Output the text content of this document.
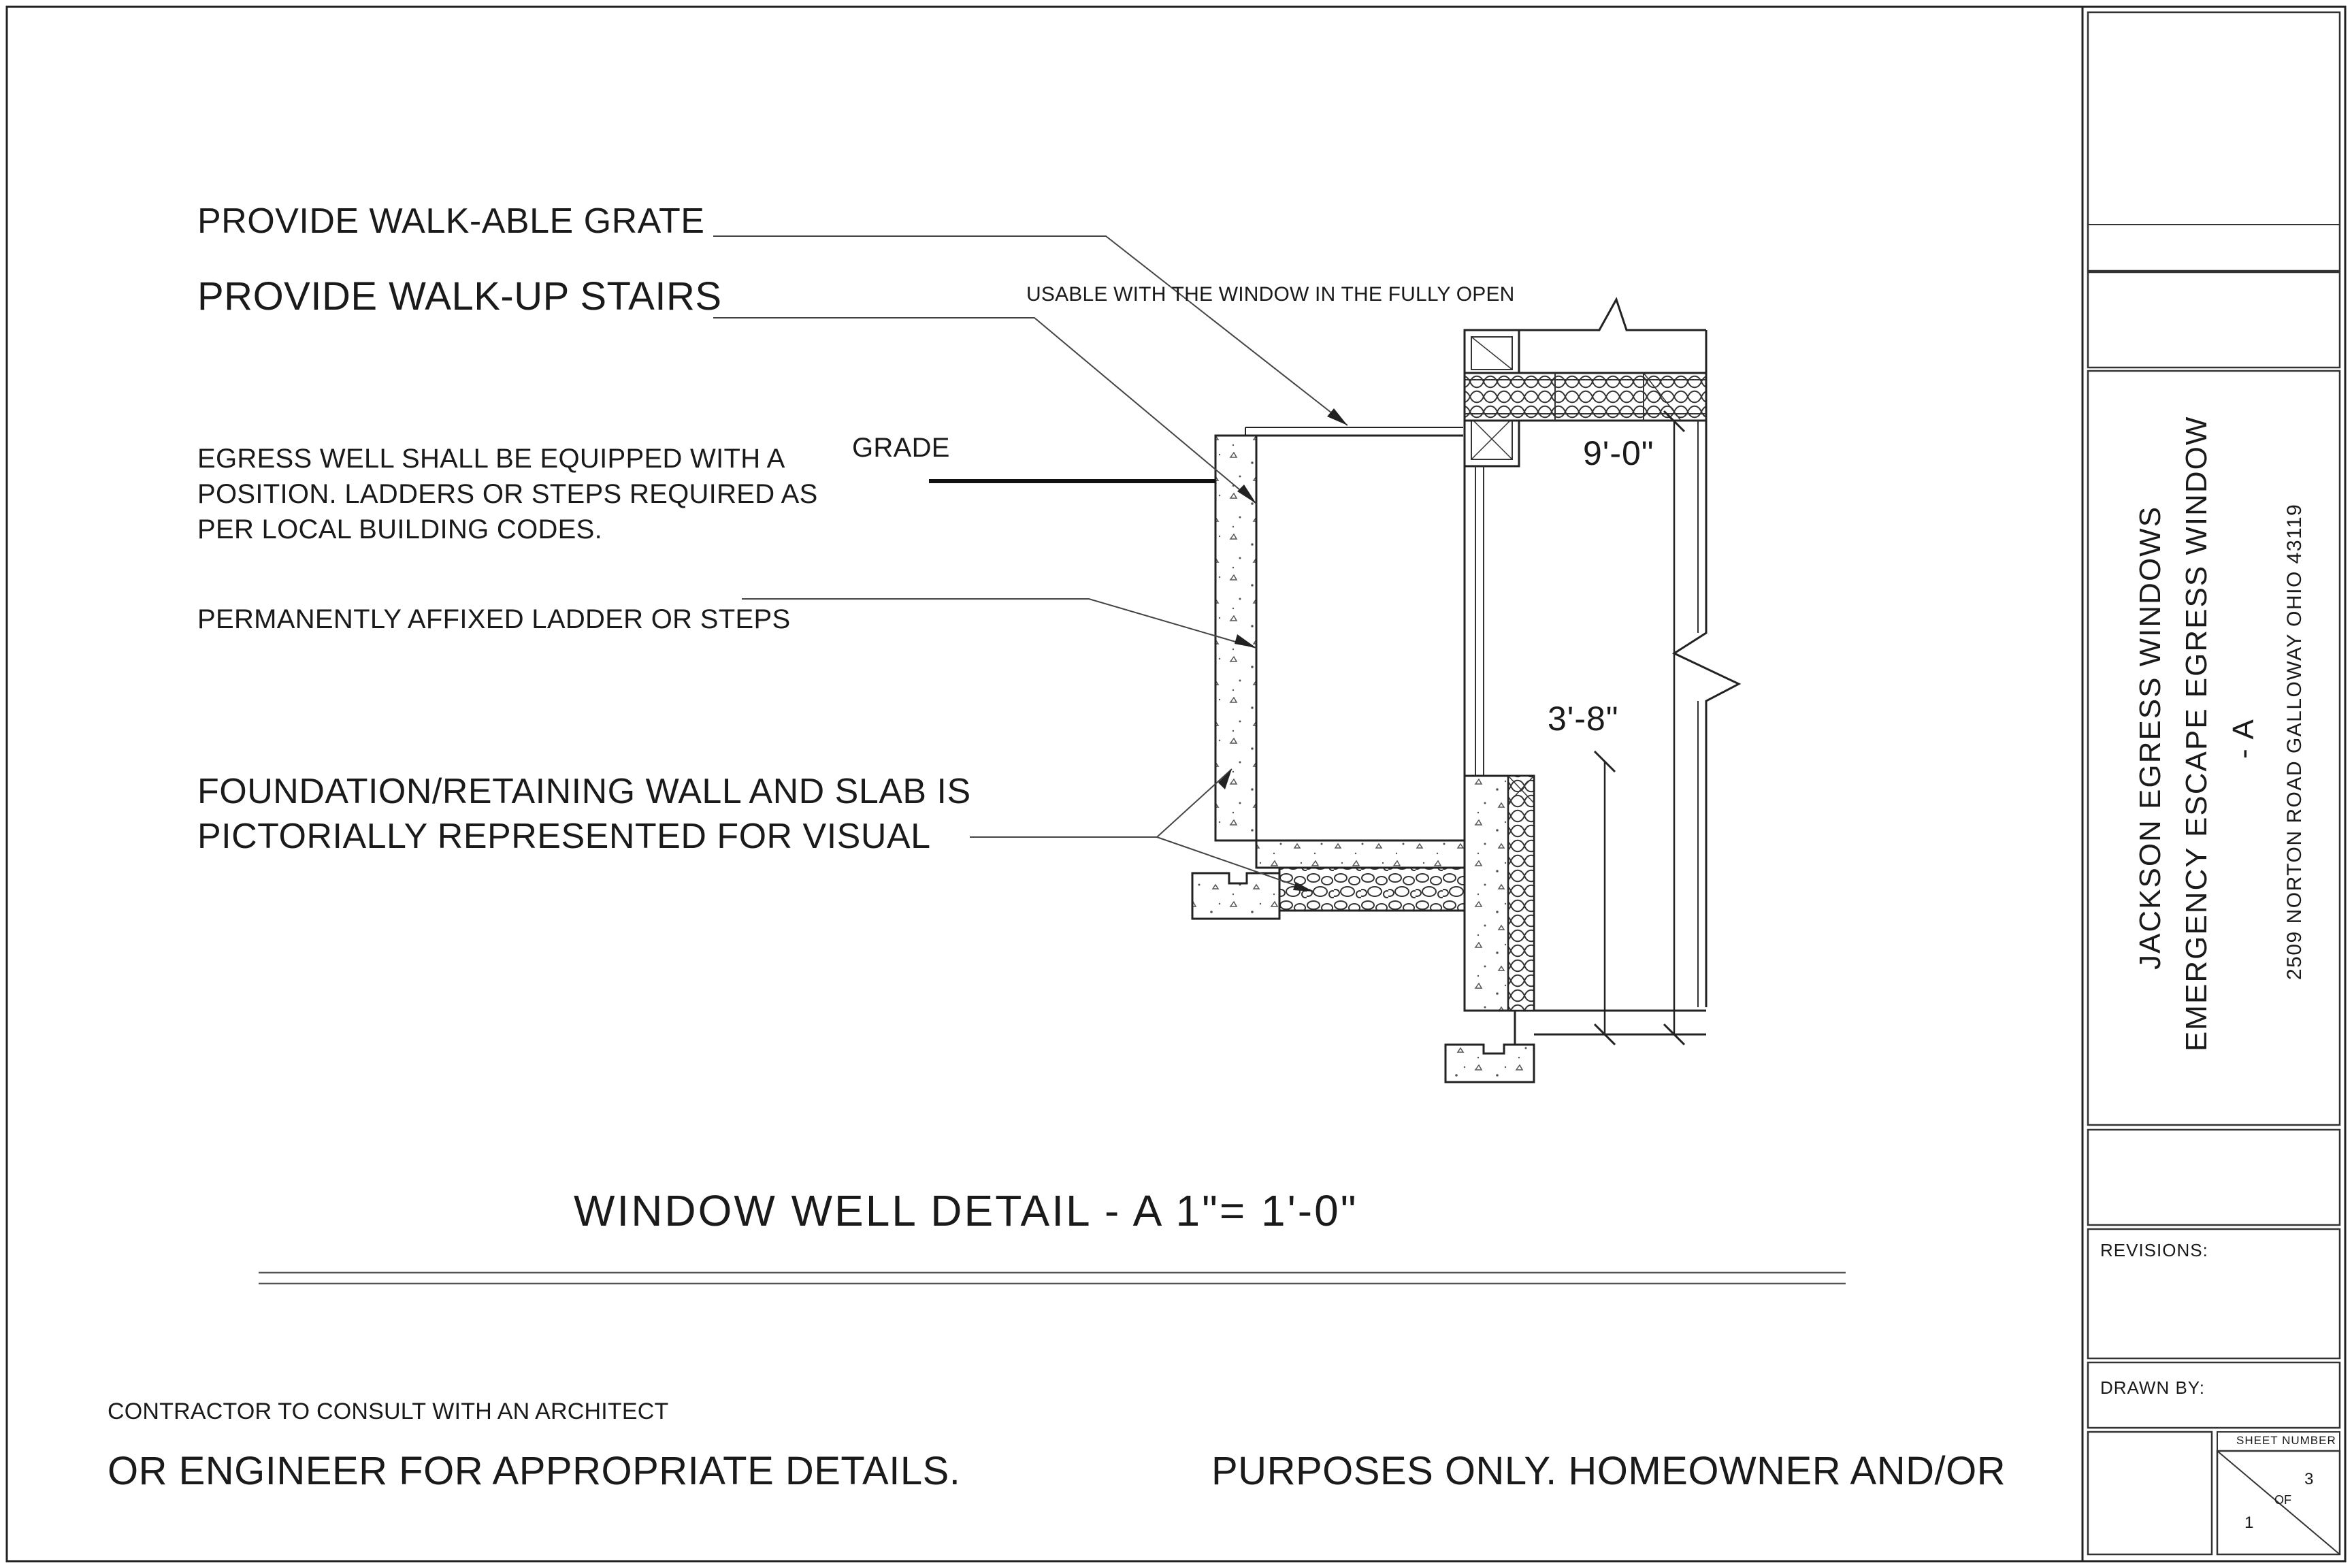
PROVIDE WALK-ABLE GRATE
PROVIDE WALK-UP STAIRS	USABLE WITH THE WINDOW IN THE FULLY OPEN
GRADE
EGRESS WELL SHALL BE EQUIPPED WITH A
POSITION. LADDERS OR STEPS REQUIRED AS
PER LOCAL BUILDING CODES.
PERMANENTLY AFFIXED LADDER OR STEPS
FOUNDATION/RETAINING WALL AND SLAB IS
PICTORIALLY REPRESENTED FOR VISUAL
9'-0"
3'-8"
WINDOW WELL DETAIL - A 1"= 1'-0"
CONTRACTOR TO CONSULT WITH AN ARCHITECT
OR ENGINEER FOR APPROPRIATE DETAILS.	PURPOSES ONLY. HOMEOWNER AND/OR
JACKSON EGRESS WINDOWS EMERGENCY ESCAPE EGRESS WINDOW - A 2509 NORTON ROAD GALLOWAY OHIO 43119
REVISIONS:
DRAWN BY:
SHEET NUMBER
3
OF
1
